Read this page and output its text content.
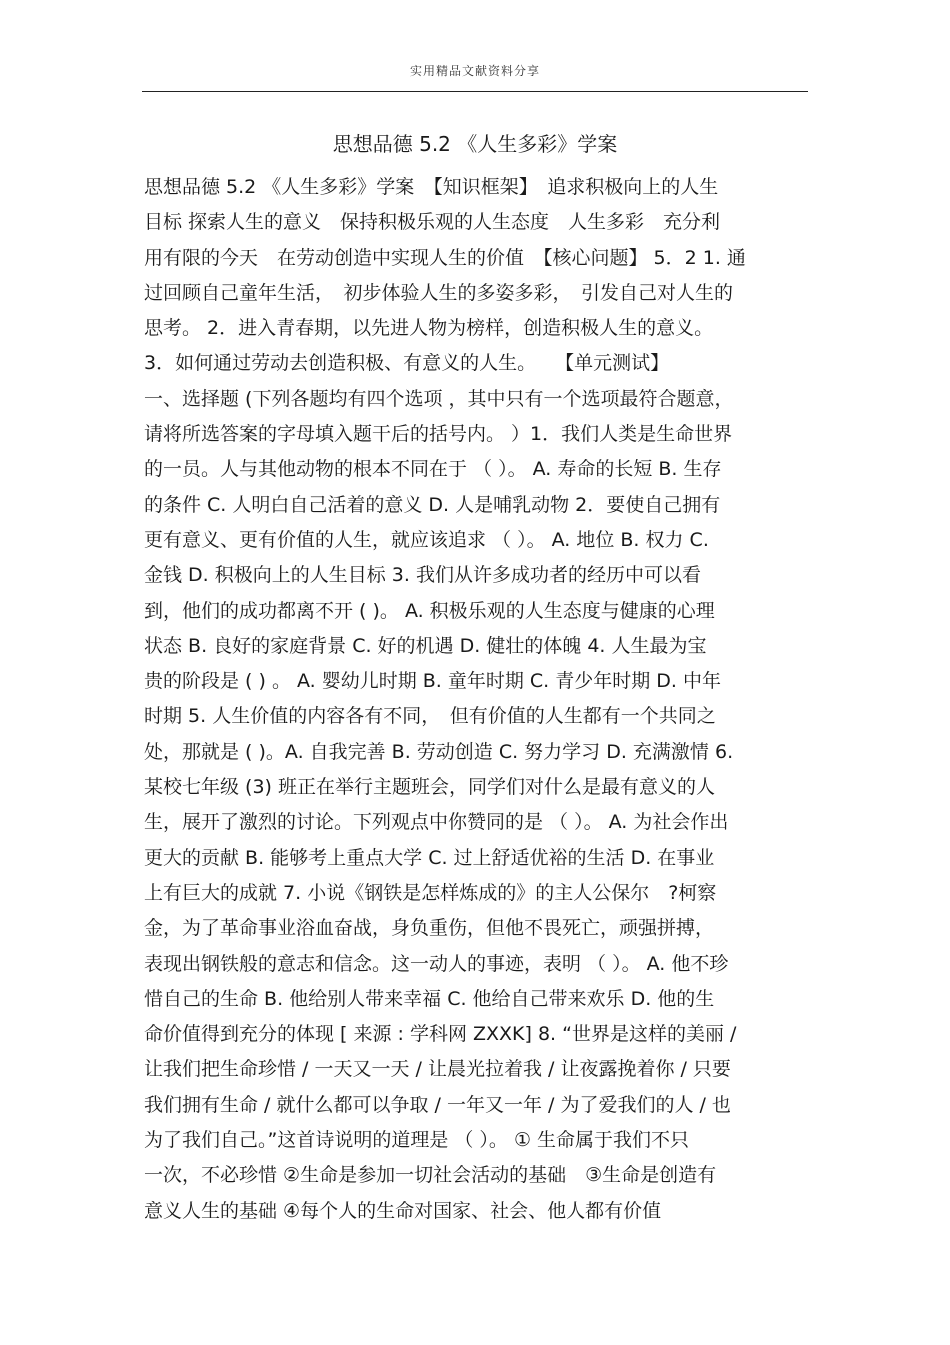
实用精品文献资料分享
思想品德 5.2 《人生多彩》学案
思想品德 5.2 《人生多彩》学案　【知识框架】　追求积极向上的人生
目标 探索人生的意义　保持积极乐观的人生态度　人生多彩　充分利
用有限的今天　在劳动创造中实现人生的价值　【核心问题】 5．2 1. 通
过回顾自己童年生活，　初步体验人生的多姿多彩，　引发自己对人生的
思考。 2．进入青春期，以先进人物为榜样，创造积极人生的意义。
3．如何通过劳动去创造积极、有意义的人生。　　【单元测试】
一、选择题 (下列各题均有四个选项 ，其中只有一个选项最符合题意，
请将所选答案的字母填入题干后的括号内。 ）1．我们人类是生命世界
的一员。人与其他动物的根本不同在于 （ ）。 A. 寿命的长短 B. 生存
的条件 C. 人明白自己活着的意义 D. 人是哺乳动物 2．要使自己拥有
更有意义、更有价值的人生，就应该追求 （ ）。 A. 地位 B. 权力 C.
金钱 D. 积极向上的人生目标 3. 我们从许多成功者的经历中可以看
到，他们的成功都离不开 ( )。 A. 积极乐观的人生态度与健康的心理
状态 B. 良好的家庭背景 C. 好的机遇 D. 健壮的体魄 4. 人生最为宝
贵的阶段是 ( ) 。 A. 婴幼儿时期 B. 童年时期 C. 青少年时期 D. 中年
时期 5. 人生价值的内容各有不同，　但有价值的人生都有一个共同之
处，那就是 ( )。A. 自我完善 B. 劳动创造 C. 努力学习 D. 充满激情 6.
某校七年级 (3) 班正在举行主题班会，同学们对什么是最有意义的人
生，展开了激烈的讨论。下列观点中你赞同的是 （ ）。 A. 为社会作出
更大的贡献 B. 能够考上重点大学 C. 过上舒适优裕的生活 D. 在事业
上有巨大的成就 7. 小说《钢铁是怎样炼成的》的主人公保尔　?柯察
金，为了革命事业浴血奋战，身负重伤，但他不畏死亡，顽强拼搏，
表现出钢铁般的意志和信念。这一动人的事迹，表明 （ ）。 A. 他不珍
惜自己的生命 B. 他给别人带来幸福 C. 他给自己带来欢乐 D. 他的生
命价值得到充分的体现 [ 来源 : 学科网 ZXXK] 8. “世界是这样的美丽 /
让我们把生命珍惜 / 一天又一天 / 让晨光拉着我 / 让夜露挽着你 / 只要
我们拥有生命 / 就什么都可以争取 / 一年又一年 / 为了爱我们的人 / 也
为了我们自己。”这首诗说明的道理是 （ ）。 ① 生命属于我们不只
一次，不必珍惜 ②生命是参加一切社会活动的基础　③生命是创造有
意义人生的基础 ④每个人的生命对国家、社会、他人都有价值
